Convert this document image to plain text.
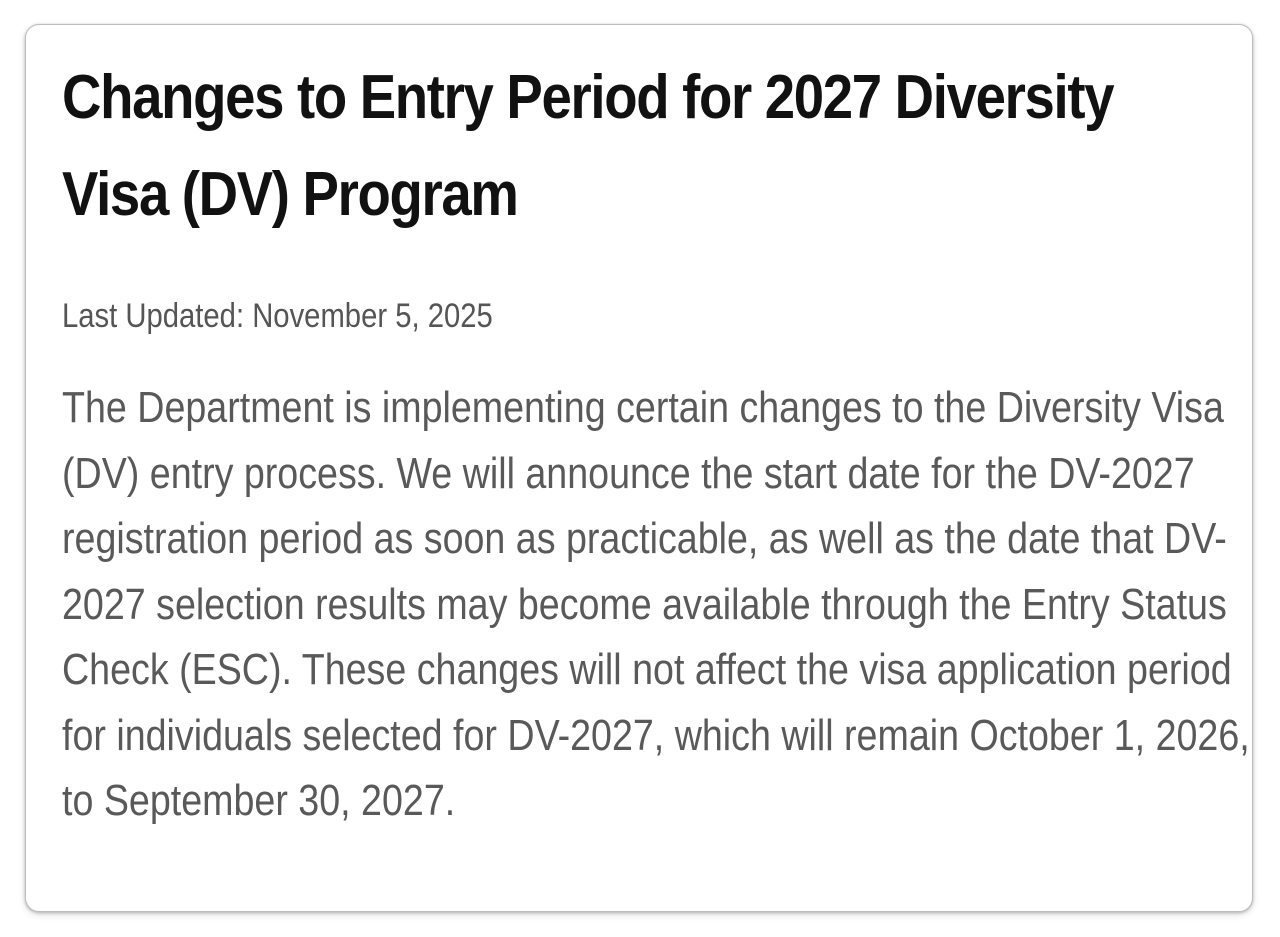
Changes to Entry Period for 2027 Diversity Visa (DV) Program

Last Updated: November 5, 2025

The Department is implementing certain changes to the Diversity Visa (DV) entry process. We will announce the start date for the DV-2027 registration period as soon as practicable, as well as the date that DV-2027 selection results may become available through the Entry Status Check (ESC). These changes will not affect the visa application period for individuals selected for DV-2027, which will remain October 1, 2026, to September 30, 2027.
